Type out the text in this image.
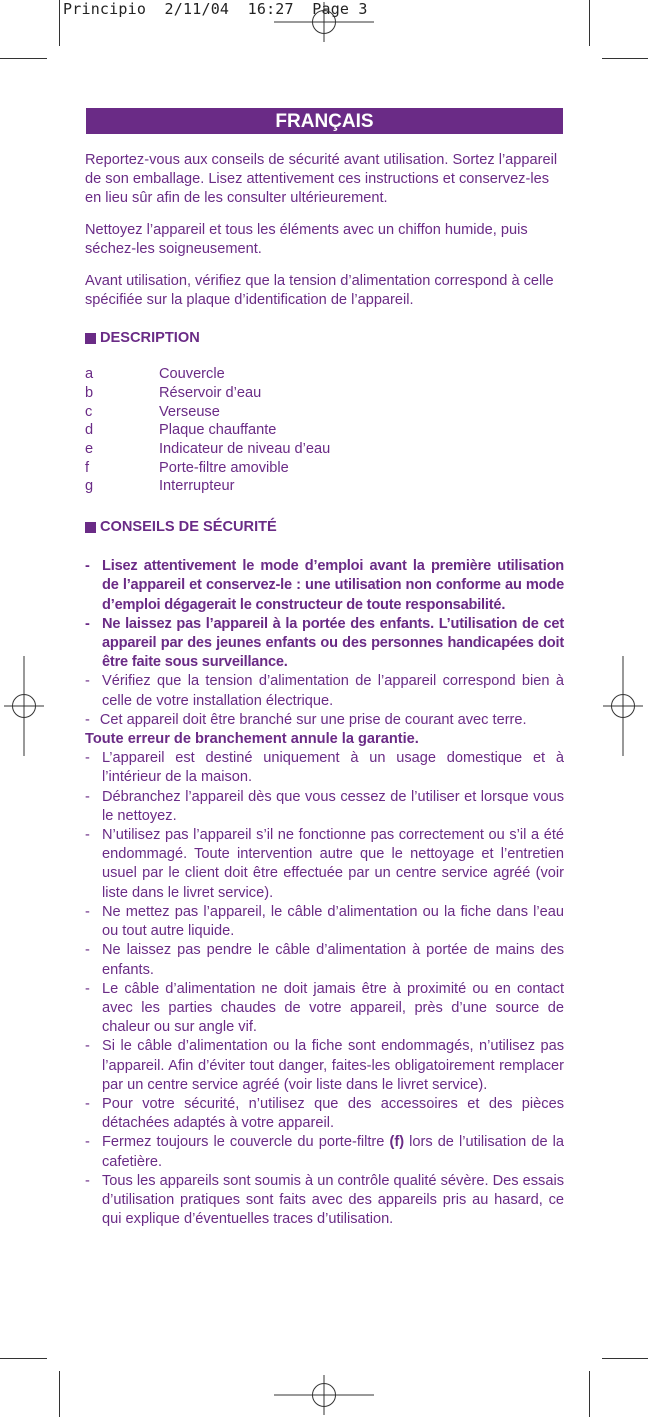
Principio  2/11/04  16:27  Page 3
FRANÇAIS

Reportez-vous aux conseils de sécurité avant utilisation. Sortez l’appareil de son emballage. Lisez attentivement ces instructions et conservez-les en lieu sûr afin de les consulter ultérieurement.

Nettoyez l’appareil et tous les éléments avec un chiffon humide, puis séchez-les soigneusement.

Avant utilisation, vérifiez que la tension d’alimentation correspond à celle spécifiée sur la plaque d’identification de l’appareil.

DESCRIPTION
a	Couvercle
b	Réservoir d’eau
c	Verseuse
d	Plaque chauffante
e	Indicateur de niveau d’eau
f	Porte-filtre amovible
g	Interrupteur
CONSEILS DE SÉCURITÉ
- Lisez attentivement le mode d’emploi avant la première utilisation de l’appareil et conservez-le : une utilisation non conforme au mode d’emploi dégagerait le constructeur de toute responsabilité.
- Ne laissez pas l’appareil à la portée des enfants. L’utilisation de cet appareil par des jeunes enfants ou des personnes handicapées doit être faite sous surveillance.
- Vérifiez que la tension d’alimentation de l’appareil correspond bien à celle de votre installation électrique.
- Cet appareil doit être branché sur une prise de courant avec terre.
Toute erreur de branchement annule la garantie.
- L’appareil est destiné uniquement à un usage domestique et à l’intérieur de la maison.
- Débranchez l’appareil dès que vous cessez de l’utiliser et lorsque vous le nettoyez.
- N’utilisez pas l’appareil s’il ne fonctionne pas correctement ou s’il a été endommagé. Toute intervention autre que le nettoyage et l’entretien usuel par le client doit être effectuée par un centre service agréé (voir liste dans le livret service).
- Ne mettez pas l’appareil, le câble d’alimentation ou la fiche dans l’eau ou tout autre liquide.
- Ne laissez pas pendre le câble d’alimentation à portée de mains des enfants.
- Le câble d’alimentation ne doit jamais être à proximité ou en contact avec les parties chaudes de votre appareil, près d’une source de chaleur ou sur angle vif.
- Si le câble d’alimentation ou la fiche sont endommagés, n’utilisez pas l’appareil. Afin d’éviter tout danger, faites-les obligatoirement remplacer par un centre service agréé (voir liste dans le livret service).
- Pour votre sécurité, n’utilisez que des accessoires et des pièces détachées adaptés à votre appareil.
- Fermez toujours le couvercle du porte-filtre (f) lors de l’utilisation de la cafetière.
- Tous les appareils sont soumis à un contrôle qualité sévère. Des essais d’utilisation pratiques sont faits avec des appareils pris au hasard, ce qui explique d’éventuelles traces d’utilisation.
